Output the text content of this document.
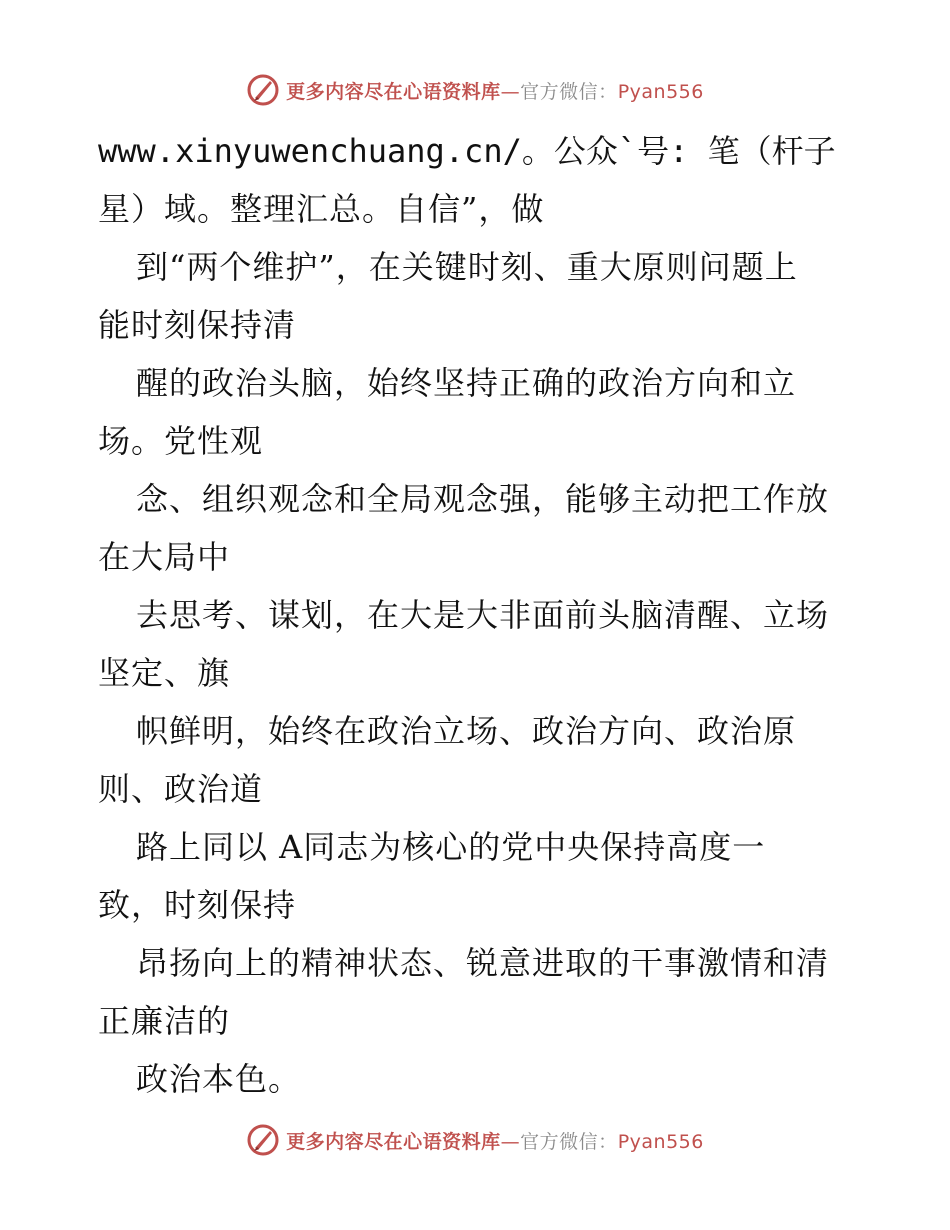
更多内容尽在心语资料库—官方微信：Pyan556
www.xinyuwenchuang.cn/。公众`号: 笔（杆子
星）域。整理汇总。自信”，做
到“两个维护”，在关键时刻、重大原则问题上
能时刻保持清
醒的政治头脑，始终坚持正确的政治方向和立
场。党性观
念、组织观念和全局观念强，能够主动把工作放
在大局中
去思考、谋划，在大是大非面前头脑清醒、立场
坚定、旗
帜鲜明，始终在政治立场、政治方向、政治原
则、政治道
路上同以 A同志为核心的党中央保持高度一
致，时刻保持
昂扬向上的精神状态、锐意进取的干事激情和清
正廉洁的
政治本色。
更多内容尽在心语资料库—官方微信：Pyan556
